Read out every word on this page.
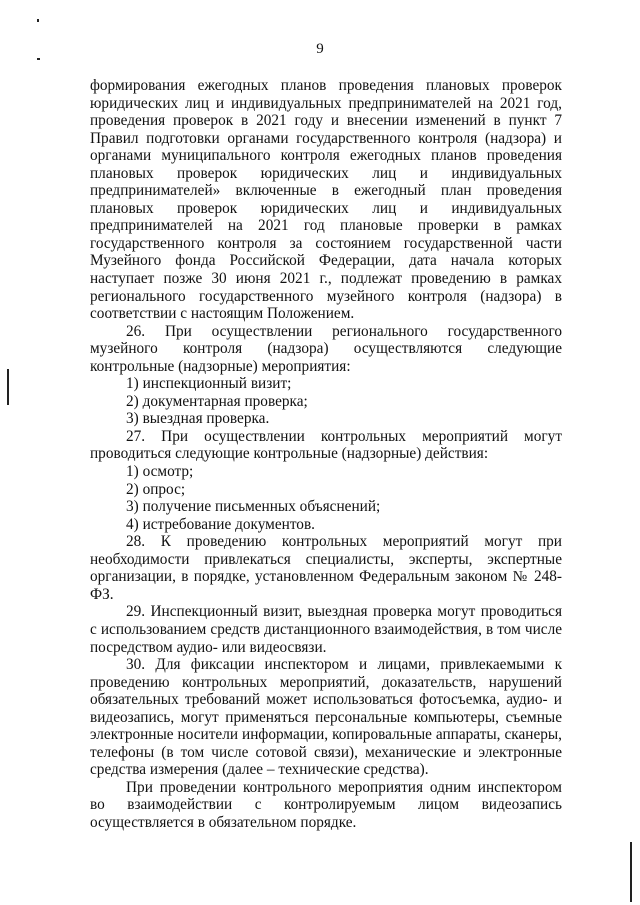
9

формирования ежегодных планов проведения плановых проверок юридических лиц и индивидуальных предпринимателей на 2021 год, проведения проверок в 2021 году и внесении изменений в пункт 7 Правил подготовки органами государственного контроля (надзора) и органами муниципального контроля ежегодных планов проведения плановых проверок юридических лиц и индивидуальных предпринимателей» включенные в ежегодный план проведения плановых проверок юридических лиц и индивидуальных предпринимателей на 2021 год плановые проверки в рамках государственного контроля за состоянием государственной части Музейного фонда Российской Федерации, дата начала которых наступает позже 30 июня 2021 г., подлежат проведению в рамках регионального государственного музейного контроля (надзора) в соответствии с настоящим Положением.

26. При осуществлении регионального государственного музейного контроля (надзора) осуществляются следующие контрольные (надзорные) мероприятия:

1) инспекционный визит;

2) документарная проверка;

3) выездная проверка.

27. При осуществлении контрольных мероприятий могут проводиться следующие контрольные (надзорные) действия:

1) осмотр;

2) опрос;

3) получение письменных объяснений;

4) истребование документов.

28. К проведению контрольных мероприятий могут при необходимости привлекаться специалисты, эксперты, экспертные организации, в порядке, установленном Федеральным законом № 248-ФЗ.

29. Инспекционный визит, выездная проверка могут проводиться с использованием средств дистанционного взаимодействия, в том числе посредством аудио- или видеосвязи.

30. Для фиксации инспектором и лицами, привлекаемыми к проведению контрольных мероприятий, доказательств, нарушений обязательных требований может использоваться фотосъемка, аудио- и видеозапись, могут применяться персональные компьютеры, съемные электронные носители информации, копировальные аппараты, сканеры, телефоны (в том числе сотовой связи), механические и электронные средства измерения (далее – технические средства).

При проведении контрольного мероприятия одним инспектором во взаимодействии с контролируемым лицом видеозапись осуществляется в обязательном порядке.
